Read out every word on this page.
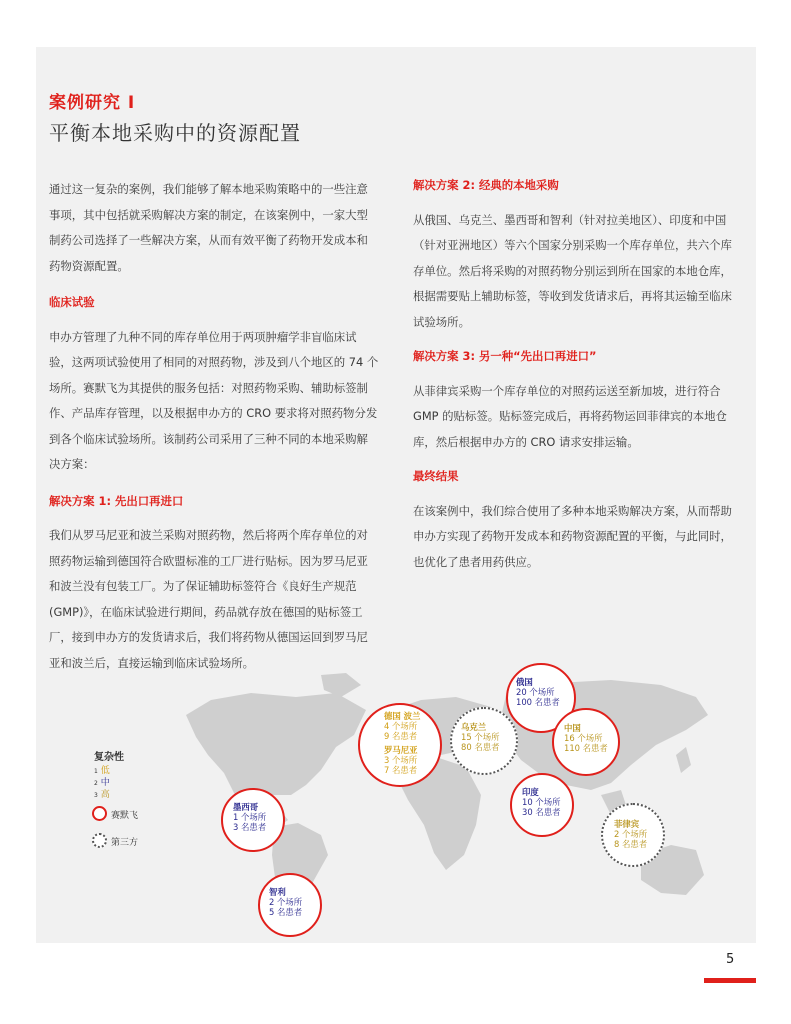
案例研究 I
平衡本地采购中的资源配置

通过这一复杂的案例，我们能够了解本地采购策略中的一些注意事项，其中包括就采购解决方案的制定，在该案例中，一家大型制药公司选择了一些解决方案，从而有效平衡了药物开发成本和药物资源配置。

临床试验

申办方管理了九种不同的库存单位用于两项肿瘤学非盲临床试验，这两项试验使用了相同的对照药物，涉及到八个地区的 74 个场所。赛默飞为其提供的服务包括：对照药物采购、辅助标签制作、产品库存管理，以及根据申办方的 CRO 要求将对照药物分发到各个临床试验场所。该制药公司采用了三种不同的本地采购解决方案：

解决方案 1: 先出口再进口

我们从罗马尼亚和波兰采购对照药物，然后将两个库存单位的对照药物运输到德国符合欧盟标准的工厂进行贴标。因为罗马尼亚和波兰没有包装工厂。为了保证辅助标签符合《良好生产规范 (GMP)》，在临床试验进行期间，药品就存放在德国的贴标签工厂，接到申办方的发货请求后，我们将药物从德国运回到罗马尼亚和波兰后，直接运输到临床试验场所。

解决方案 2: 经典的本地采购

从俄国、乌克兰、墨西哥和智利（针对拉美地区）、印度和中国（针对亚洲地区）等六个国家分别采购一个库存单位，共六个库存单位。然后将采购的对照药物分别运到所在国家的本地仓库，根据需要贴上辅助标签，等收到发货请求后，再将其运输至临床试验场所。

解决方案 3: 另一种“先出口再进口”

从菲律宾采购一个库存单位的对照药运送至新加坡，进行符合 GMP 的贴标签。贴标签完成后，再将药物运回菲律宾的本地仓库，然后根据申办方的 CRO 请求安排运输。

最终结果

在该案例中，我们综合使用了多种本地采购解决方案，从而帮助申办方实现了药物开发成本和药物资源配置的平衡，与此同时，也优化了患者用药供应。

复杂性
1 低
2 中
3 高
赛默飞
第三方
俄国
20 个场所
100 名患者
德国 波兰
4 个场所
9 名患者
罗马尼亚
3 个场所
7 名患者
乌克兰
15 个场所
80 名患者
中国
16 个场所
110 名患者
墨西哥
1 个场所
3 名患者
印度
10 个场所
30 名患者
菲律宾
2 个场所
8 名患者
智利
2 个场所
5 名患者
5
